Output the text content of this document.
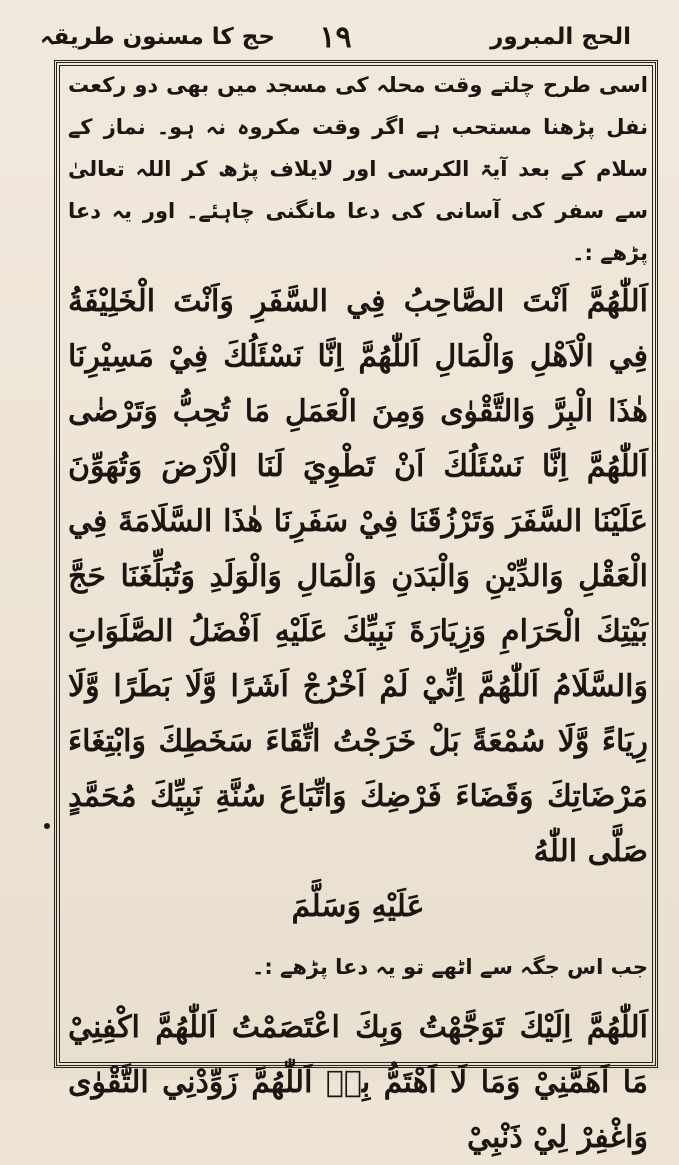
الحج المبرور
١٩
حج کا مسنون طریقہ

اسی طرح چلتے وقت محلہ کی مسجد میں بھی دو رکعت نفل پڑھنا مستحب ہے اگر وقت مکروہ نہ ہو۔ نماز کے سلام کے بعد آیۃ الکرسی اور لایلاف پڑھ کر اللہ تعالیٰ سے سفر کی آسانی کی دعا مانگنی چاہئے۔ اور یہ دعا پڑھے :۔

اَللّٰهُمَّ اَنْتَ الصَّاحِبُ فِي السَّفَرِ وَاَنْتَ الْخَلِيْفَةُ فِي الْاَهْلِ وَالْمَالِ اَللّٰهُمَّ اِنَّا نَسْئَلُكَ فِيْ مَسِيْرِنَا هٰذَا الْبِرَّ وَالتَّقْوٰى وَمِنَ الْعَمَلِ مَا تُحِبُّ وَتَرْضٰى اَللّٰهُمَّ اِنَّا نَسْئَلُكَ اَنْ تَطْوِيَ لَنَا الْاَرْضَ وَتُهَوِّنَ عَلَيْنَا السَّفَرَ وَتَرْزُقَنَا فِيْ سَفَرِنَا هٰذَا السَّلَامَةَ فِي الْعَقْلِ وَالدِّيْنِ وَالْبَدَنِ وَالْمَالِ وَالْوَلَدِ وَتُبَلِّغَنَا حَجَّ بَيْتِكَ الْحَرَامِ وَزِيَارَةَ نَبِيِّكَ عَلَيْهِ اَفْضَلُ الصَّلَوَاتِ وَالسَّلَامُ اَللّٰهُمَّ اِنِّيْ لَمْ اَخْرُجْ اَشَرًا وَّلَا بَطَرًا وَّلَا رِيَاءً وَّلَا سُمْعَةً بَلْ خَرَجْتُ اتِّقَاءَ سَخَطِكَ وَابْتِغَاءَ مَرْضَاتِكَ وَقَضَاءَ فَرْضِكَ وَاتِّبَاعَ سُنَّةِ نَبِيِّكَ مُحَمَّدٍ صَلَّى اللّٰهُ

عَلَيْهِ وَسَلَّمَ

جب اس جگہ سے اٹھے تو یہ دعا پڑھے :۔

اَللّٰهُمَّ اِلَيْكَ تَوَجَّهْتُ وَبِكَ اعْتَصَمْتُ اَللّٰهُمَّ اكْفِنِيْ مَا اَهَمَّنِيْ وَمَا لَا اَهْتَمُّ بِهٖ اَللّٰهُمَّ زَوِّدْنِي التَّقْوٰى وَاغْفِرْ لِيْ ذَنْبِيْ
